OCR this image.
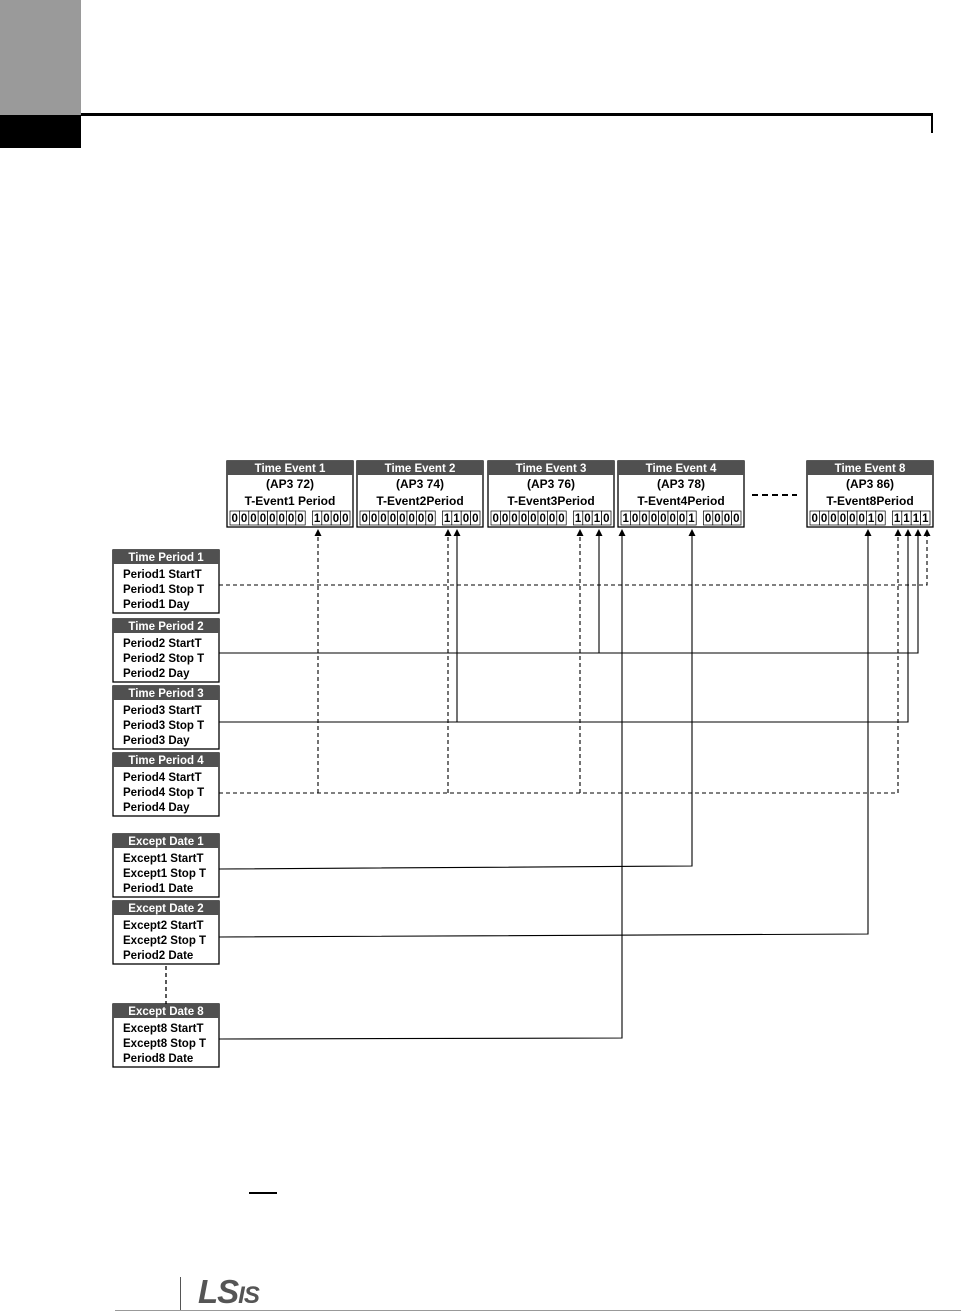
Time Event 1
(AP3 72)
T-Event1 Period
0 0 0 0 0 0 0 0 1 0 0 0
Time Event 2
(AP3 74)
T-Event2Period
0 0 0 0 0 0 0 0 1 1 0 0
Time Event 3
(AP3 76)
T-Event3Period
0 0 0 0 0 0 0 0 1 0 1 0
Time Event 4
(AP3 78)
T-Event4Period
1 0 0 0 0 0 0 1 0 0 0 0
Time Event 8
(AP3 86)
T-Event8Period
0 0 0 0 0 0 1 0 1 1 1 1
Time Period 1
Period1 StartT
Period1 Stop T
Period1 Day
Time Period 2
Period2 StartT
Period2 Stop T
Period2 Day
Time Period 3
Period3 StartT
Period3 Stop T
Period3 Day
Time Period 4
Period4 StartT
Period4 Stop T
Period4 Day
Except Date 1
Except1 StartT
Except1 Stop T
Period1 Date
Except Date 2
Except2 StartT
Except2 Stop T
Period2 Date
Except Date 8
Except8 StartT
Except8 Stop T
Period8 Date
LSIS
